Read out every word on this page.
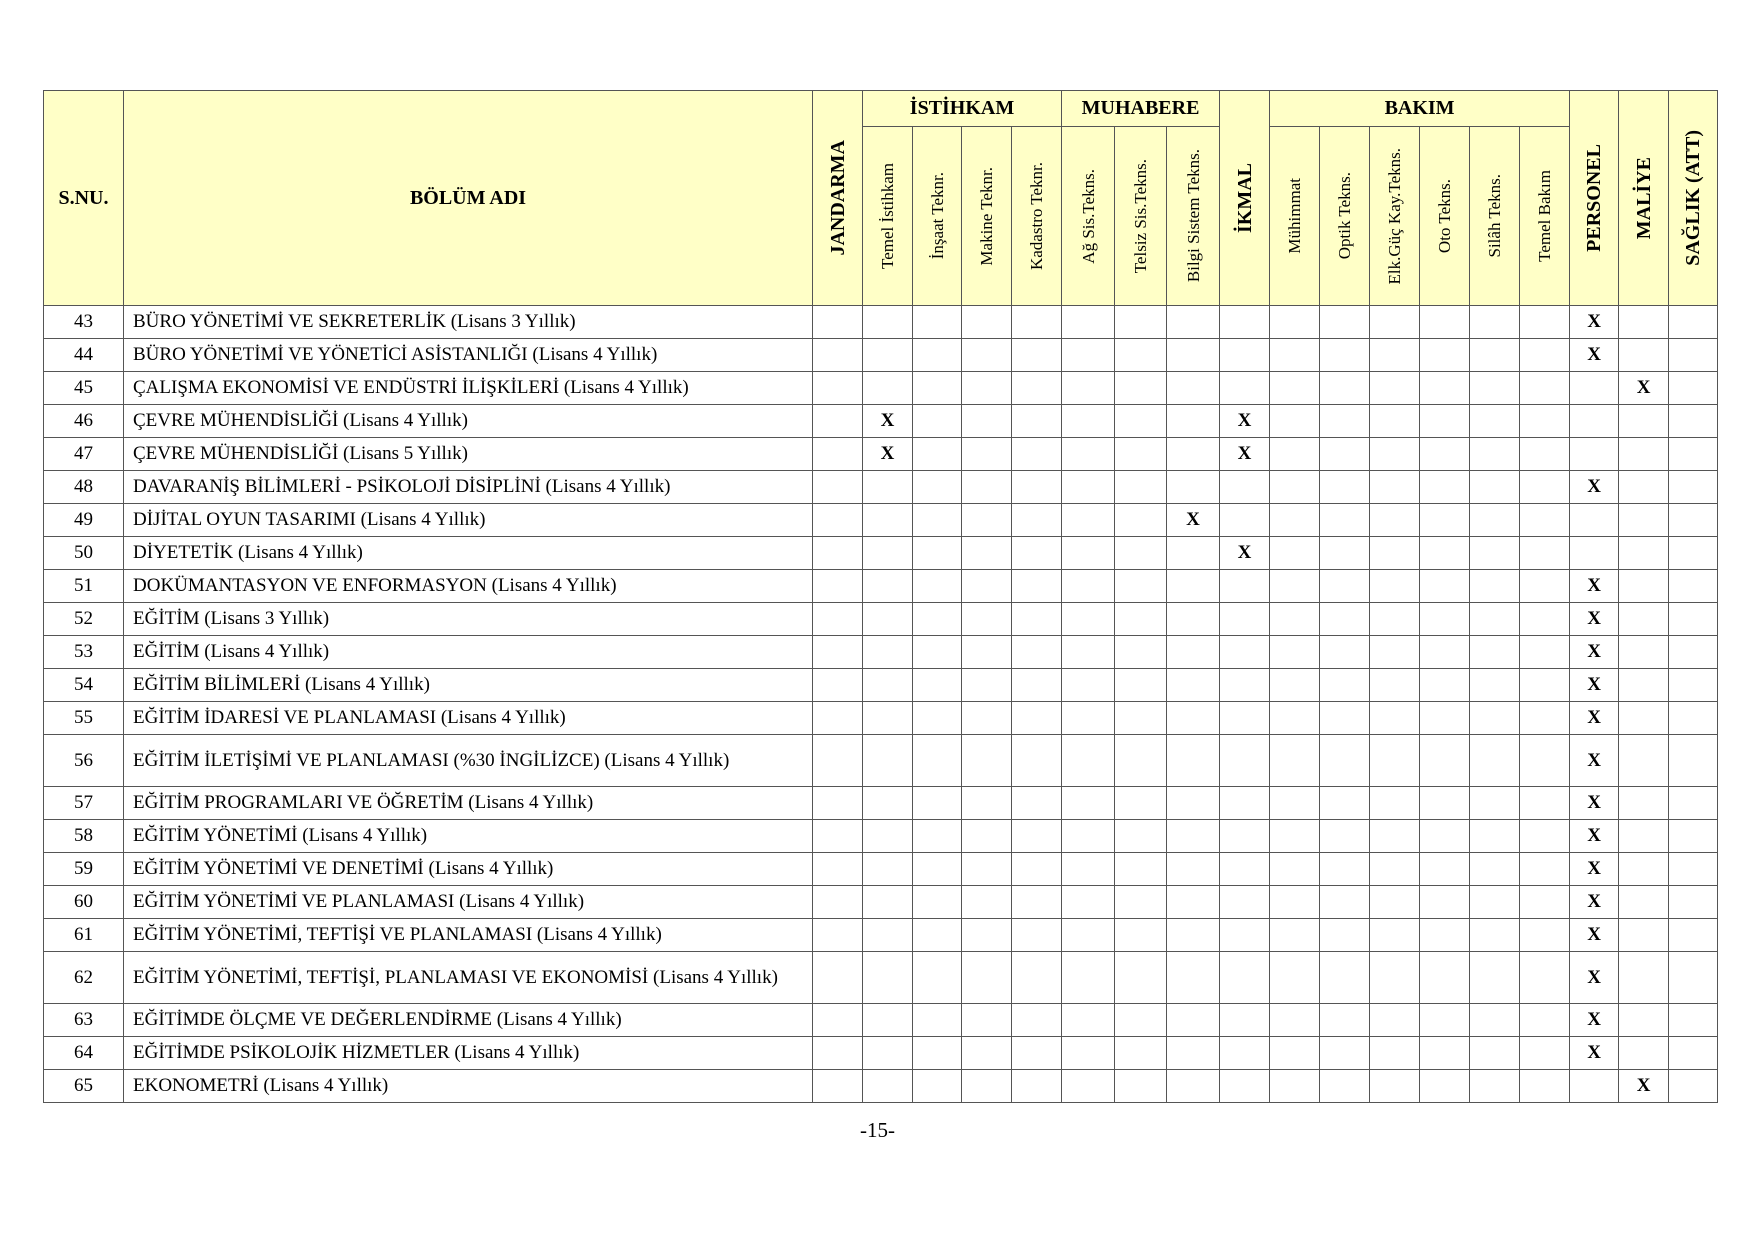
S.NU.	BÖLÜM ADI	JANDARMA	İSTİHKAM				MUHABERE			İKMAL	BAKIM						PERSONEL	MALİYE	SAĞLIK (ATT)

			Temel İstihkam	İnşaat Teknr.	Makine Teknr.	Kadastro Teknr.	Ağ Sis.Tekns.	Telsiz Sis.Tekns.	Bilgi Sistem Tekns.		Mühimmat	Optik Tekns.	Elk.Güç Kay.Tekns.	Oto Tekns.	Silâh Tekns.	Temel Bakım			

43	BÜRO YÖNETİMİ VE SEKRETERLİK (Lisans 3 Yıllık)																X		
44	BÜRO YÖNETİMİ VE YÖNETİCİ ASİSTANLIĞI (Lisans 4 Yıllık)																X		
45	ÇALIŞMA EKONOMİSİ VE ENDÜSTRİ İLİŞKİLERİ (Lisans 4 Yıllık)																	X	
46	ÇEVRE MÜHENDİSLİĞİ (Lisans 4 Yıllık)		X							X									
47	ÇEVRE MÜHENDİSLİĞİ (Lisans 5 Yıllık)		X							X									
48	DAVARANİŞ BİLİMLERİ - PSİKOLOJİ DİSİPLİNİ (Lisans 4 Yıllık)																X		
49	DİJİTAL OYUN TASARIMI (Lisans 4 Yıllık)								X										
50	DİYETETİK (Lisans 4 Yıllık)									X									
51	DOKÜMANTASYON VE ENFORMASYON (Lisans 4 Yıllık)																X		
52	EĞİTİM (Lisans 3 Yıllık)																X		
53	EĞİTİM (Lisans 4 Yıllık)																X		
54	EĞİTİM BİLİMLERİ (Lisans 4 Yıllık)																X		
55	EĞİTİM İDARESİ VE PLANLAMASI (Lisans 4 Yıllık)																X		
56	EĞİTİM İLETİŞİMİ VE PLANLAMASI (%30 İNGİLİZCE) (Lisans 4 Yıllık)																X		
57	EĞİTİM PROGRAMLARI VE ÖĞRETİM (Lisans 4 Yıllık)																X		
58	EĞİTİM YÖNETİMİ (Lisans 4 Yıllık)																X		
59	EĞİTİM YÖNETİMİ VE DENETİMİ (Lisans 4 Yıllık)																X		
60	EĞİTİM YÖNETİMİ VE PLANLAMASI (Lisans 4 Yıllık)																X		
61	EĞİTİM YÖNETİMİ, TEFTİŞİ VE PLANLAMASI (Lisans 4 Yıllık)																X		
62	EĞİTİM YÖNETİMİ, TEFTİŞİ, PLANLAMASI VE EKONOMİSİ (Lisans 4 Yıllık)																X		
63	EĞİTİMDE ÖLÇME VE DEĞERLENDİRME (Lisans 4 Yıllık)																X		
64	EĞİTİMDE PSİKOLOJİK HİZMETLER (Lisans 4 Yıllık)																X		
65	EKONOMETRİ (Lisans 4 Yıllık)																	X	
-15-
